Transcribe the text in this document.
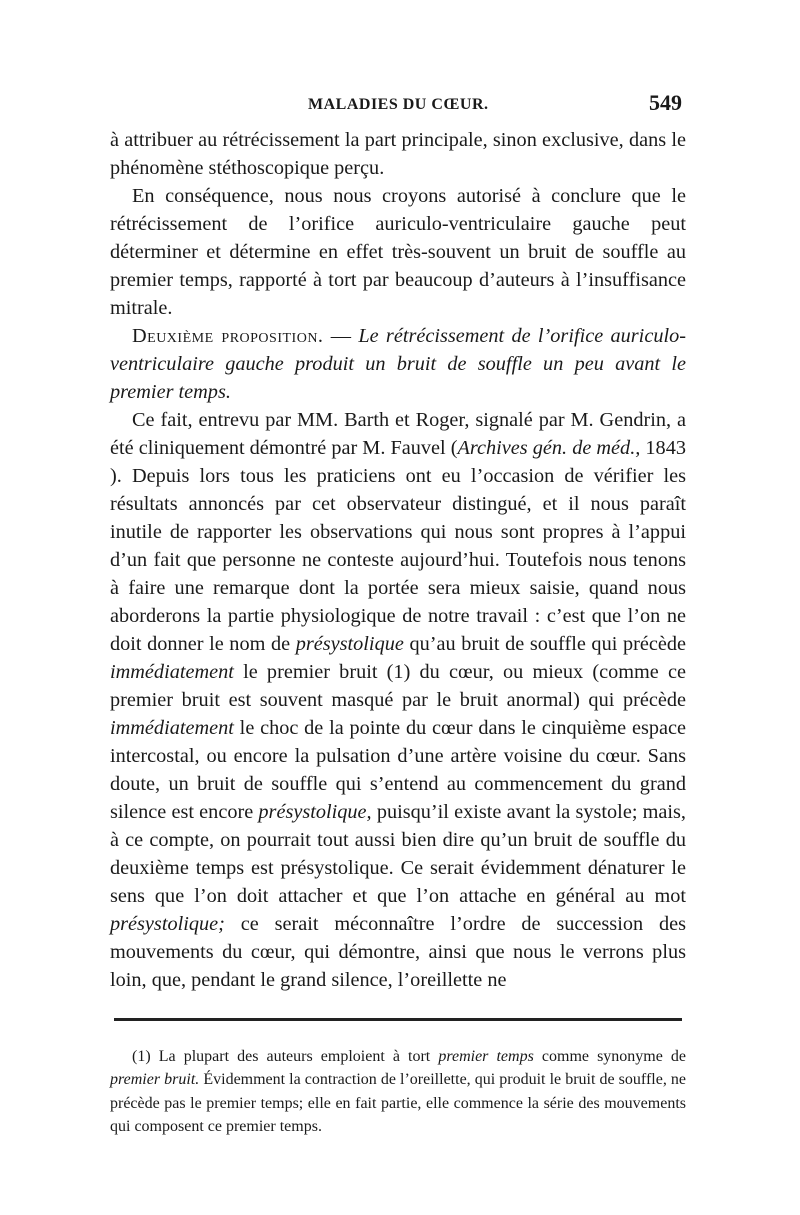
MALADIES DU CŒUR.	549

à attribuer au rétrécissement la part principale, sinon exclusive, dans le phénomène stéthoscopique perçu.

En conséquence, nous nous croyons autorisé à conclure que le rétrécissement de l’orifice auriculo-ventriculaire gauche peut déterminer et détermine en effet très-souvent un bruit de souffle au premier temps, rapporté à tort par beaucoup d’auteurs à l’insuffisance mitrale.

Deuxième proposition. — Le rétrécissement de l’orifice auriculo-ventriculaire gauche produit un bruit de souffle un peu avant le premier temps.

Ce fait, entrevu par MM. Barth et Roger, signalé par M. Gendrin, a été cliniquement démontré par M. Fauvel (Archives gén. de méd., 1843 ). Depuis lors tous les praticiens ont eu l’occasion de vérifier les résultats annoncés par cet observateur distingué, et il nous paraît inutile de rapporter les observations qui nous sont propres à l’appui d’un fait que personne ne conteste aujourd’hui. Toutefois nous tenons à faire une remarque dont la portée sera mieux saisie, quand nous aborderons la partie physiologique de notre travail : c’est que l’on ne doit donner le nom de présystolique qu’au bruit de souffle qui précède immédiatement le premier bruit (1) du cœur, ou mieux (comme ce premier bruit est souvent masqué par le bruit anormal) qui précède immédiatement le choc de la pointe du cœur dans le cinquième espace intercostal, ou encore la pulsation d’une artère voisine du cœur. Sans doute, un bruit de souffle qui s’entend au commencement du grand silence est encore présystolique, puisqu’il existe avant la systole; mais, à ce compte, on pourrait tout aussi bien dire qu’un bruit de souffle du deuxième temps est présystolique. Ce serait évidemment dénaturer le sens que l’on doit attacher et que l’on attache en général au mot présystolique; ce serait méconnaître l’ordre de succession des mouvements du cœur, qui démontre, ainsi que nous le verrons plus loin, que, pendant le grand silence, l’oreillette ne

(1) La plupart des auteurs emploient à tort premier temps comme synonyme de premier bruit. Évidemment la contraction de l’oreillette, qui produit le bruit de souffle, ne précède pas le premier temps; elle en fait partie, elle commence la série des mouvements qui composent ce premier temps.
